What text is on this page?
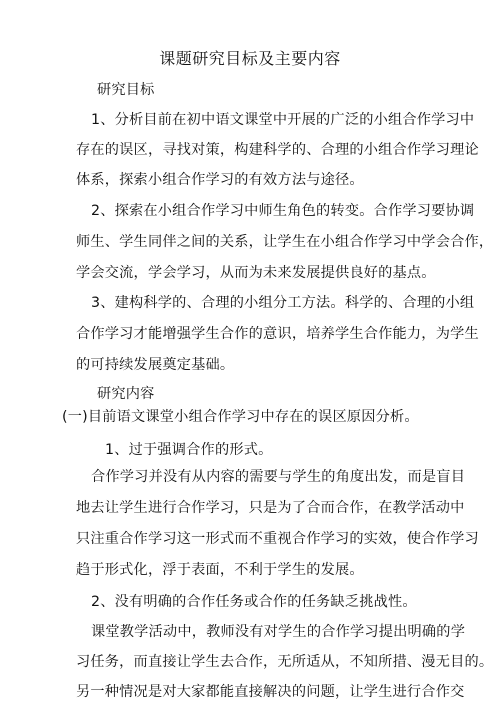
课题研究目标及主要内容
研究目标
1、分析目前在初中语文课堂中开展的广泛的小组合作学习中
存在的误区，寻找对策，构建科学的、合理的小组合作学习理论
体系，探索小组合作学习的有效方法与途径。
2、探索在小组合作学习中师生角色的转变。合作学习要协调
师生、学生同伴之间的关系，让学生在小组合作学习中学会合作，
学会交流，学会学习，从而为未来发展提供良好的基点。
3、建构科学的、合理的小组分工方法。科学的、合理的小组
合作学习才能增强学生合作的意识，培养学生合作能力，为学生
的可持续发展奠定基础。
研究内容
(一)目前语文课堂小组合作学习中存在的误区原因分析。
1、过于强调合作的形式。
合作学习并没有从内容的需要与学生的角度出发，而是盲目
地去让学生进行合作学习，只是为了合而合作，在教学活动中
只注重合作学习这一形式而不重视合作学习的实效，使合作学习
趋于形式化，浮于表面，不利于学生的发展。
2、没有明确的合作任务或合作的任务缺乏挑战性。
课堂教学活动中，教师没有对学生的合作学习提出明确的学
习任务，而直接让学生去合作，无所适从，不知所措、漫无目的。
另一种情况是对大家都能直接解决的问题，让学生进行合作交
